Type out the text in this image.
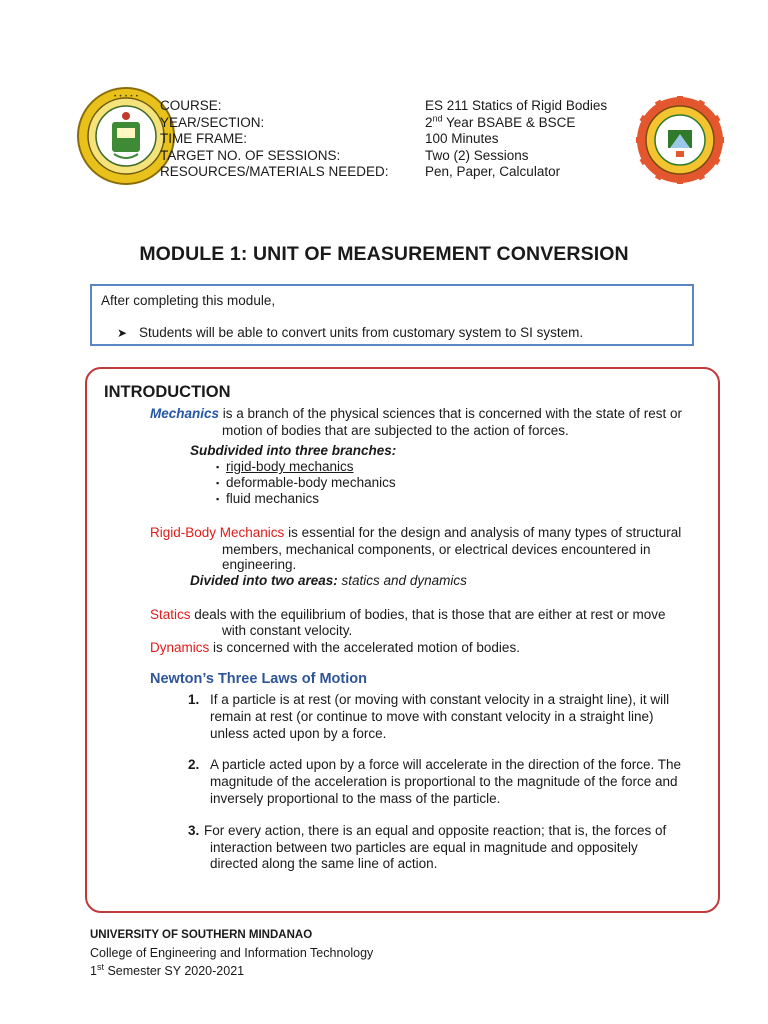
• • • • •
COURSE:
YEAR/SECTION:
TIME FRAME:
TARGET NO. OF SESSIONS:
RESOURCES/MATERIALS NEEDED:
ES 211 Statics of Rigid Bodies
2nd Year BSABE & BSCE
100 Minutes
Two (2) Sessions
Pen, Paper, Calculator
MODULE 1: UNIT OF MEASUREMENT CONVERSION
After completing this module,
➤ Students will be able to convert units from customary system to SI system.
INTRODUCTION
Mechanics is a branch of the physical sciences that is concerned with the state of rest or
motion of bodies that are subjected to the action of forces.
Subdivided into three branches:
▪ rigid-body mechanics
▪ deformable-body mechanics
▪ fluid mechanics
Rigid-Body Mechanics is essential for the design and analysis of many types of structural
members, mechanical components, or electrical devices encountered in
engineering.
Divided into two areas: statics and dynamics
Statics deals with the equilibrium of bodies, that is those that are either at rest or move
with constant velocity.
Dynamics is concerned with the accelerated motion of bodies.
Newton’s Three Laws of Motion
1. If a particle is at rest (or moving with constant velocity in a straight line), it will
remain at rest (or continue to move with constant velocity in a straight line)
unless acted upon by a force.
2. A particle acted upon by a force will accelerate in the direction of the force. The
magnitude of the acceleration is proportional to the magnitude of the force and
inversely proportional to the mass of the particle.
3. For every action, there is an equal and opposite reaction; that is, the forces of
interaction between two particles are equal in magnitude and oppositely
directed along the same line of action.
UNIVERSITY OF SOUTHERN MINDANAO
College of Engineering and Information Technology
1st Semester SY 2020-2021
